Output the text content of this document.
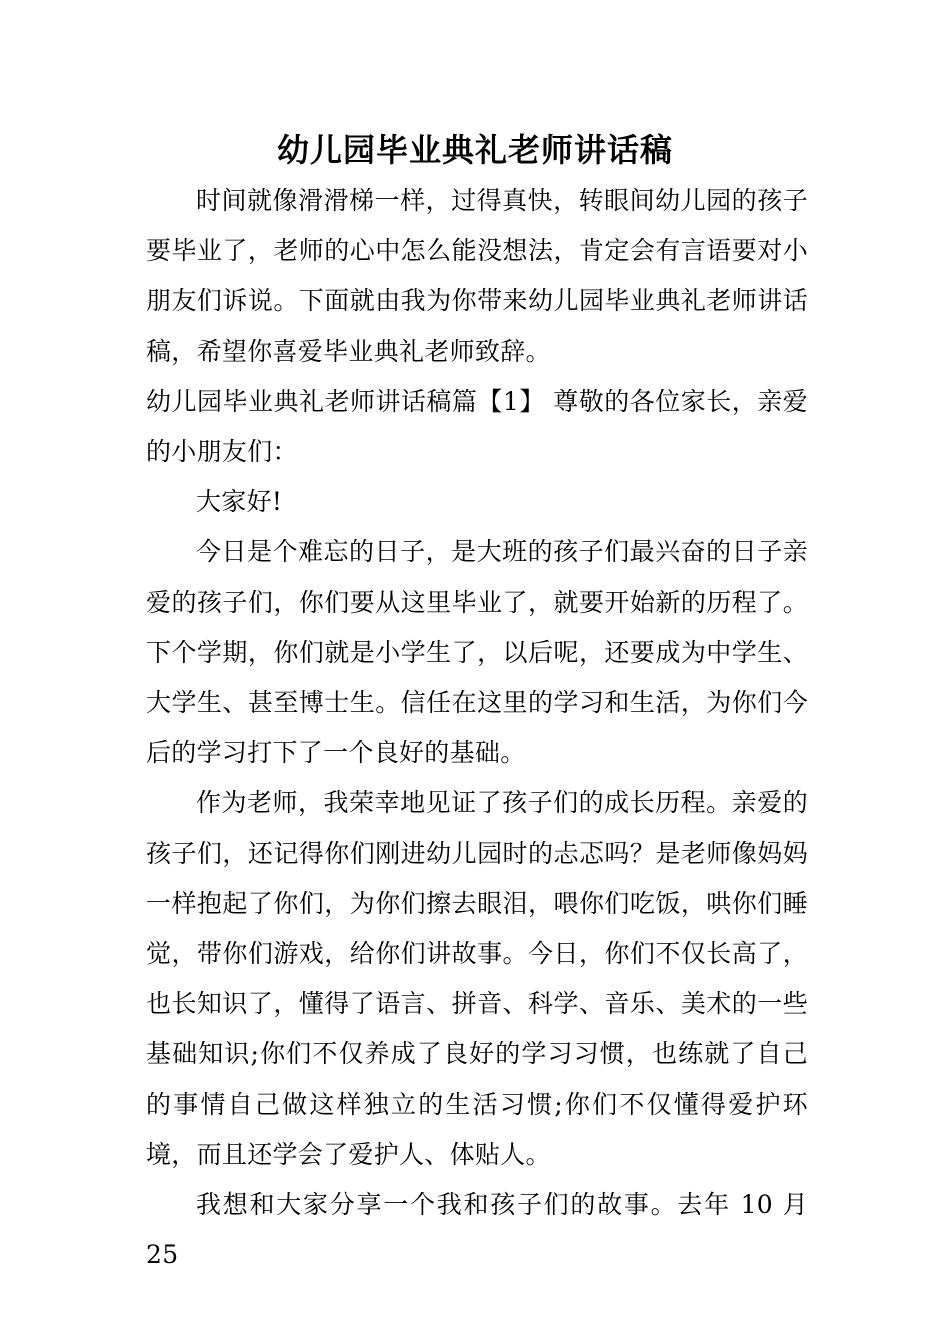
幼儿园毕业典礼老师讲话稿

时间就像滑滑梯一样，过得真快，转眼间幼儿园的孩子要毕业了，老师的心中怎么能没想法，肯定会有言语要对小朋友们诉说。下面就由我为你带来幼儿园毕业典礼老师讲话稿，希望你喜爱毕业典礼老师致辞。

幼儿园毕业典礼老师讲话稿篇【1】 尊敬的各位家长，亲爱的小朋友们：

大家好!

今日是个难忘的日子，是大班的孩子们最兴奋的日子亲爱的孩子们，你们要从这里毕业了，就要开始新的历程了。下个学期，你们就是小学生了，以后呢，还要成为中学生、大学生、甚至博士生。信任在这里的学习和生活，为你们今后的学习打下了一个良好的基础。

作为老师，我荣幸地见证了孩子们的成长历程。亲爱的孩子们，还记得你们刚进幼儿园时的忐忑吗？是老师像妈妈一样抱起了你们，为你们擦去眼泪，喂你们吃饭，哄你们睡觉，带你们游戏，给你们讲故事。今日，你们不仅长高了，也长知识了，懂得了语言、拼音、科学、音乐、美术的一些基础知识;你们不仅养成了良好的学习习惯，也练就了自己的事情自己做这样独立的生活习惯;你们不仅懂得爱护环境，而且还学会了爱护人、体贴人。

我想和大家分享一个我和孩子们的故事。去年 10 月 25
